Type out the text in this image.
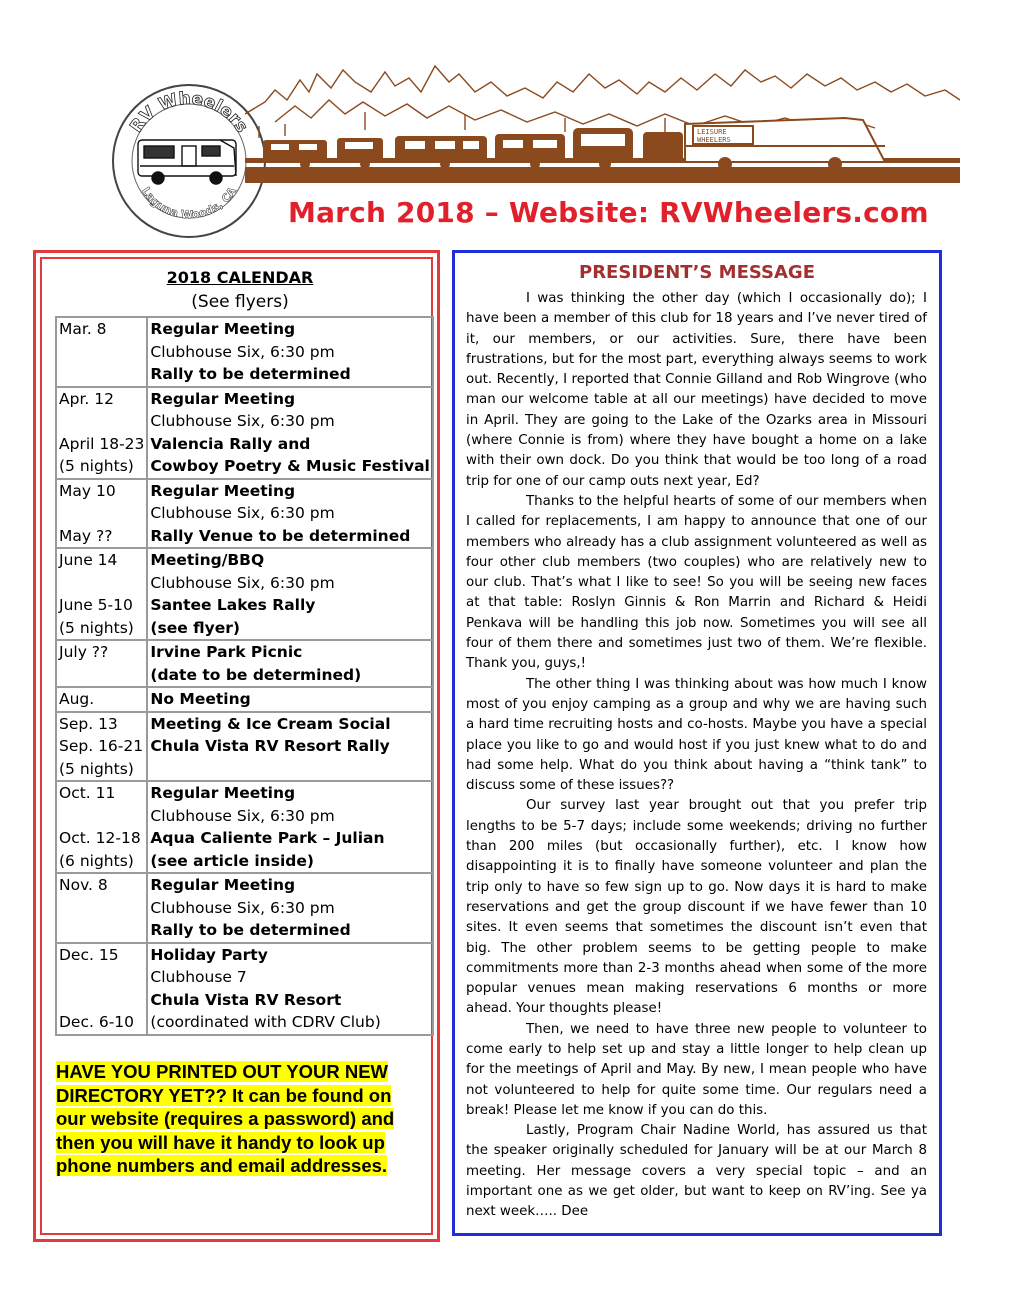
RV Wheelers
Laguna Woods, CA
LEISURE
WHEELERS
March 2018 – Website: RVWheelers.com
2018 CALENDAR
(See flyers)
Mar. 8	Regular Meeting
Clubhouse Six, 6:30 pm
Rally to be determined

Apr. 12

April 18-23
(5 nights)	Regular Meeting
Clubhouse Six, 6:30 pm
Valencia Rally and
Cowboy Poetry & Music Festival

May 10

May ??	Regular Meeting
Clubhouse Six, 6:30 pm
Rally Venue to be determined

June 14

June 5-10
(5 nights)	Meeting/BBQ
Clubhouse Six, 6:30 pm
Santee Lakes Rally
(see flyer)

July ??	Irvine Park Picnic
(date to be determined)

Aug.	No Meeting

Sep. 13
Sep. 16-21
(5 nights)	Meeting & Ice Cream Social
Chula Vista RV Resort Rally

Oct. 11

Oct. 12-18
(6 nights)	Regular Meeting
Clubhouse Six, 6:30 pm
Aqua Caliente Park – Julian
(see article inside)

Nov. 8	Regular Meeting
Clubhouse Six, 6:30 pm
Rally to be determined

Dec. 15

Dec. 6-10	Holiday Party
Clubhouse 7
Chula Vista RV Resort
(coordinated with CDRV Club)
HAVE YOU PRINTED OUT YOUR NEW DIRECTORY YET?? It can be found on our website (requires a password) and then you will have it handy to look up phone numbers and email addresses.
PRESIDENT’S MESSAGE

I was thinking the other day (which I occasionally do); I have been a member of this club for 18 years and I’ve never tired of it, our members, or our activities. Sure, there have been frustrations, but for the most part, everything always seems to work out. Recently, I reported that Connie Gilland and Rob Wingrove (who man our welcome table at all our meetings) have decided to move in April. They are going to the Lake of the Ozarks area in Missouri (where Connie is from) where they have bought a home on a lake with their own dock. Do you think that would be too long of a road trip for one of our camp outs next year, Ed?

Thanks to the helpful hearts of some of our members when I called for replacements, I am happy to announce that one of our members who already has a club assignment volunteered as well as four other club members (two couples) who are relatively new to our club. That’s what I like to see! So you will be seeing new faces at that table: Roslyn Ginnis & Ron Marrin and Richard & Heidi Penkava will be handling this job now. Sometimes you will see all four of them there and sometimes just two of them. We’re flexible. Thank you, guys,!

The other thing I was thinking about was how much I know most of you enjoy camping as a group and why we are having such a hard time recruiting hosts and co-hosts. Maybe you have a special place you like to go and would host if you just knew what to do and had some help. What do you think about having a “think tank” to discuss some of these issues??

Our survey last year brought out that you prefer trip lengths to be 5-7 days; include some weekends; driving no further than 200 miles (but occasionally further), etc. I know how disappointing it is to finally have someone volunteer and plan the trip only to have so few sign up to go. Now days it is hard to make reservations and get the group discount if we have fewer than 10 sites. It even seems that sometimes the discount isn’t even that big. The other problem seems to be getting people to make commitments more than 2-3 months ahead when some of the more popular venues mean making reservations 6 months or more ahead. Your thoughts please!

Then, we need to have three new people to volunteer to come early to help set up and stay a little longer to help clean up for the meetings of April and May. By new, I mean people who have not volunteered to help for quite some time. Our regulars need a break! Please let me know if you can do this.

Lastly, Program Chair Nadine World, has assured us that the speaker originally scheduled for January will be at our March 8 meeting. Her message covers a very special topic – and an important one as we get older, but want to keep on RV’ing. See ya next week….. Dee
